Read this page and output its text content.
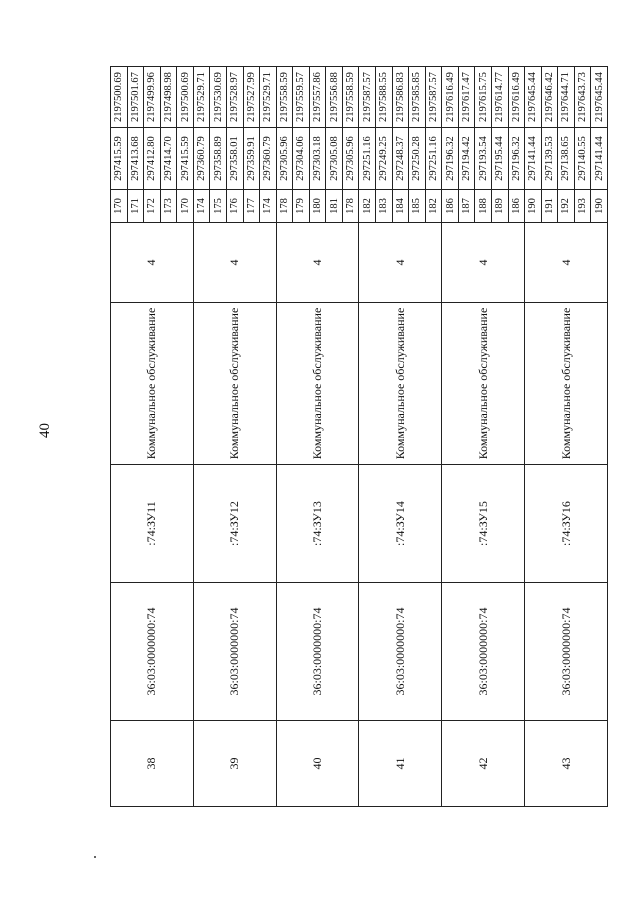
40
38	36:03:0000000:74	:74:ЗУ11	Коммунальное обслуживание	4	170	297415.59	2197500.69
					171	297413.68	2197501.67
					172	297412.80	2197499.96
					173	297414.70	2197498.98
					170	297415.59	2197500.69
39	36:03:0000000:74	:74:ЗУ12	Коммунальное обслуживание	4	174	297360.79	2197529.71
					175	297358.89	2197530.69
					176	297358.01	2197528.97
					177	297359.91	2197527.99
					174	297360.79	2197529.71
40	36:03:0000000:74	:74:ЗУ13	Коммунальное обслуживание	4	178	297305.96	2197558.59
					179	297304.06	2197559.57
					180	297303.18	2197557.86
					181	297305.08	2197556.88
					178	297305.96	2197558.59
41	36:03:0000000:74	:74:ЗУ14	Коммунальное обслуживание	4	182	297251.16	2197587.57
					183	297249.25	2197588.55
					184	297248.37	2197586.83
					185	297250.28	2197585.85
					182	297251.16	2197587.57
42	36:03:0000000:74	:74:ЗУ15	Коммунальное обслуживание	4	186	297196.32	2197616.49
					187	297194.42	2197617.47
					188	297193.54	2197615.75
					189	297195.44	2197614.77
					186	297196.32	2197616.49
43	36:03:0000000:74	:74:ЗУ16	Коммунальное обслуживание	4	190	297141.44	2197645.44
					191	297139.53	2197646.42
					192	297138.65	2197644.71
					193	297140.55	2197643.73
					190	297141.44	2197645.44
